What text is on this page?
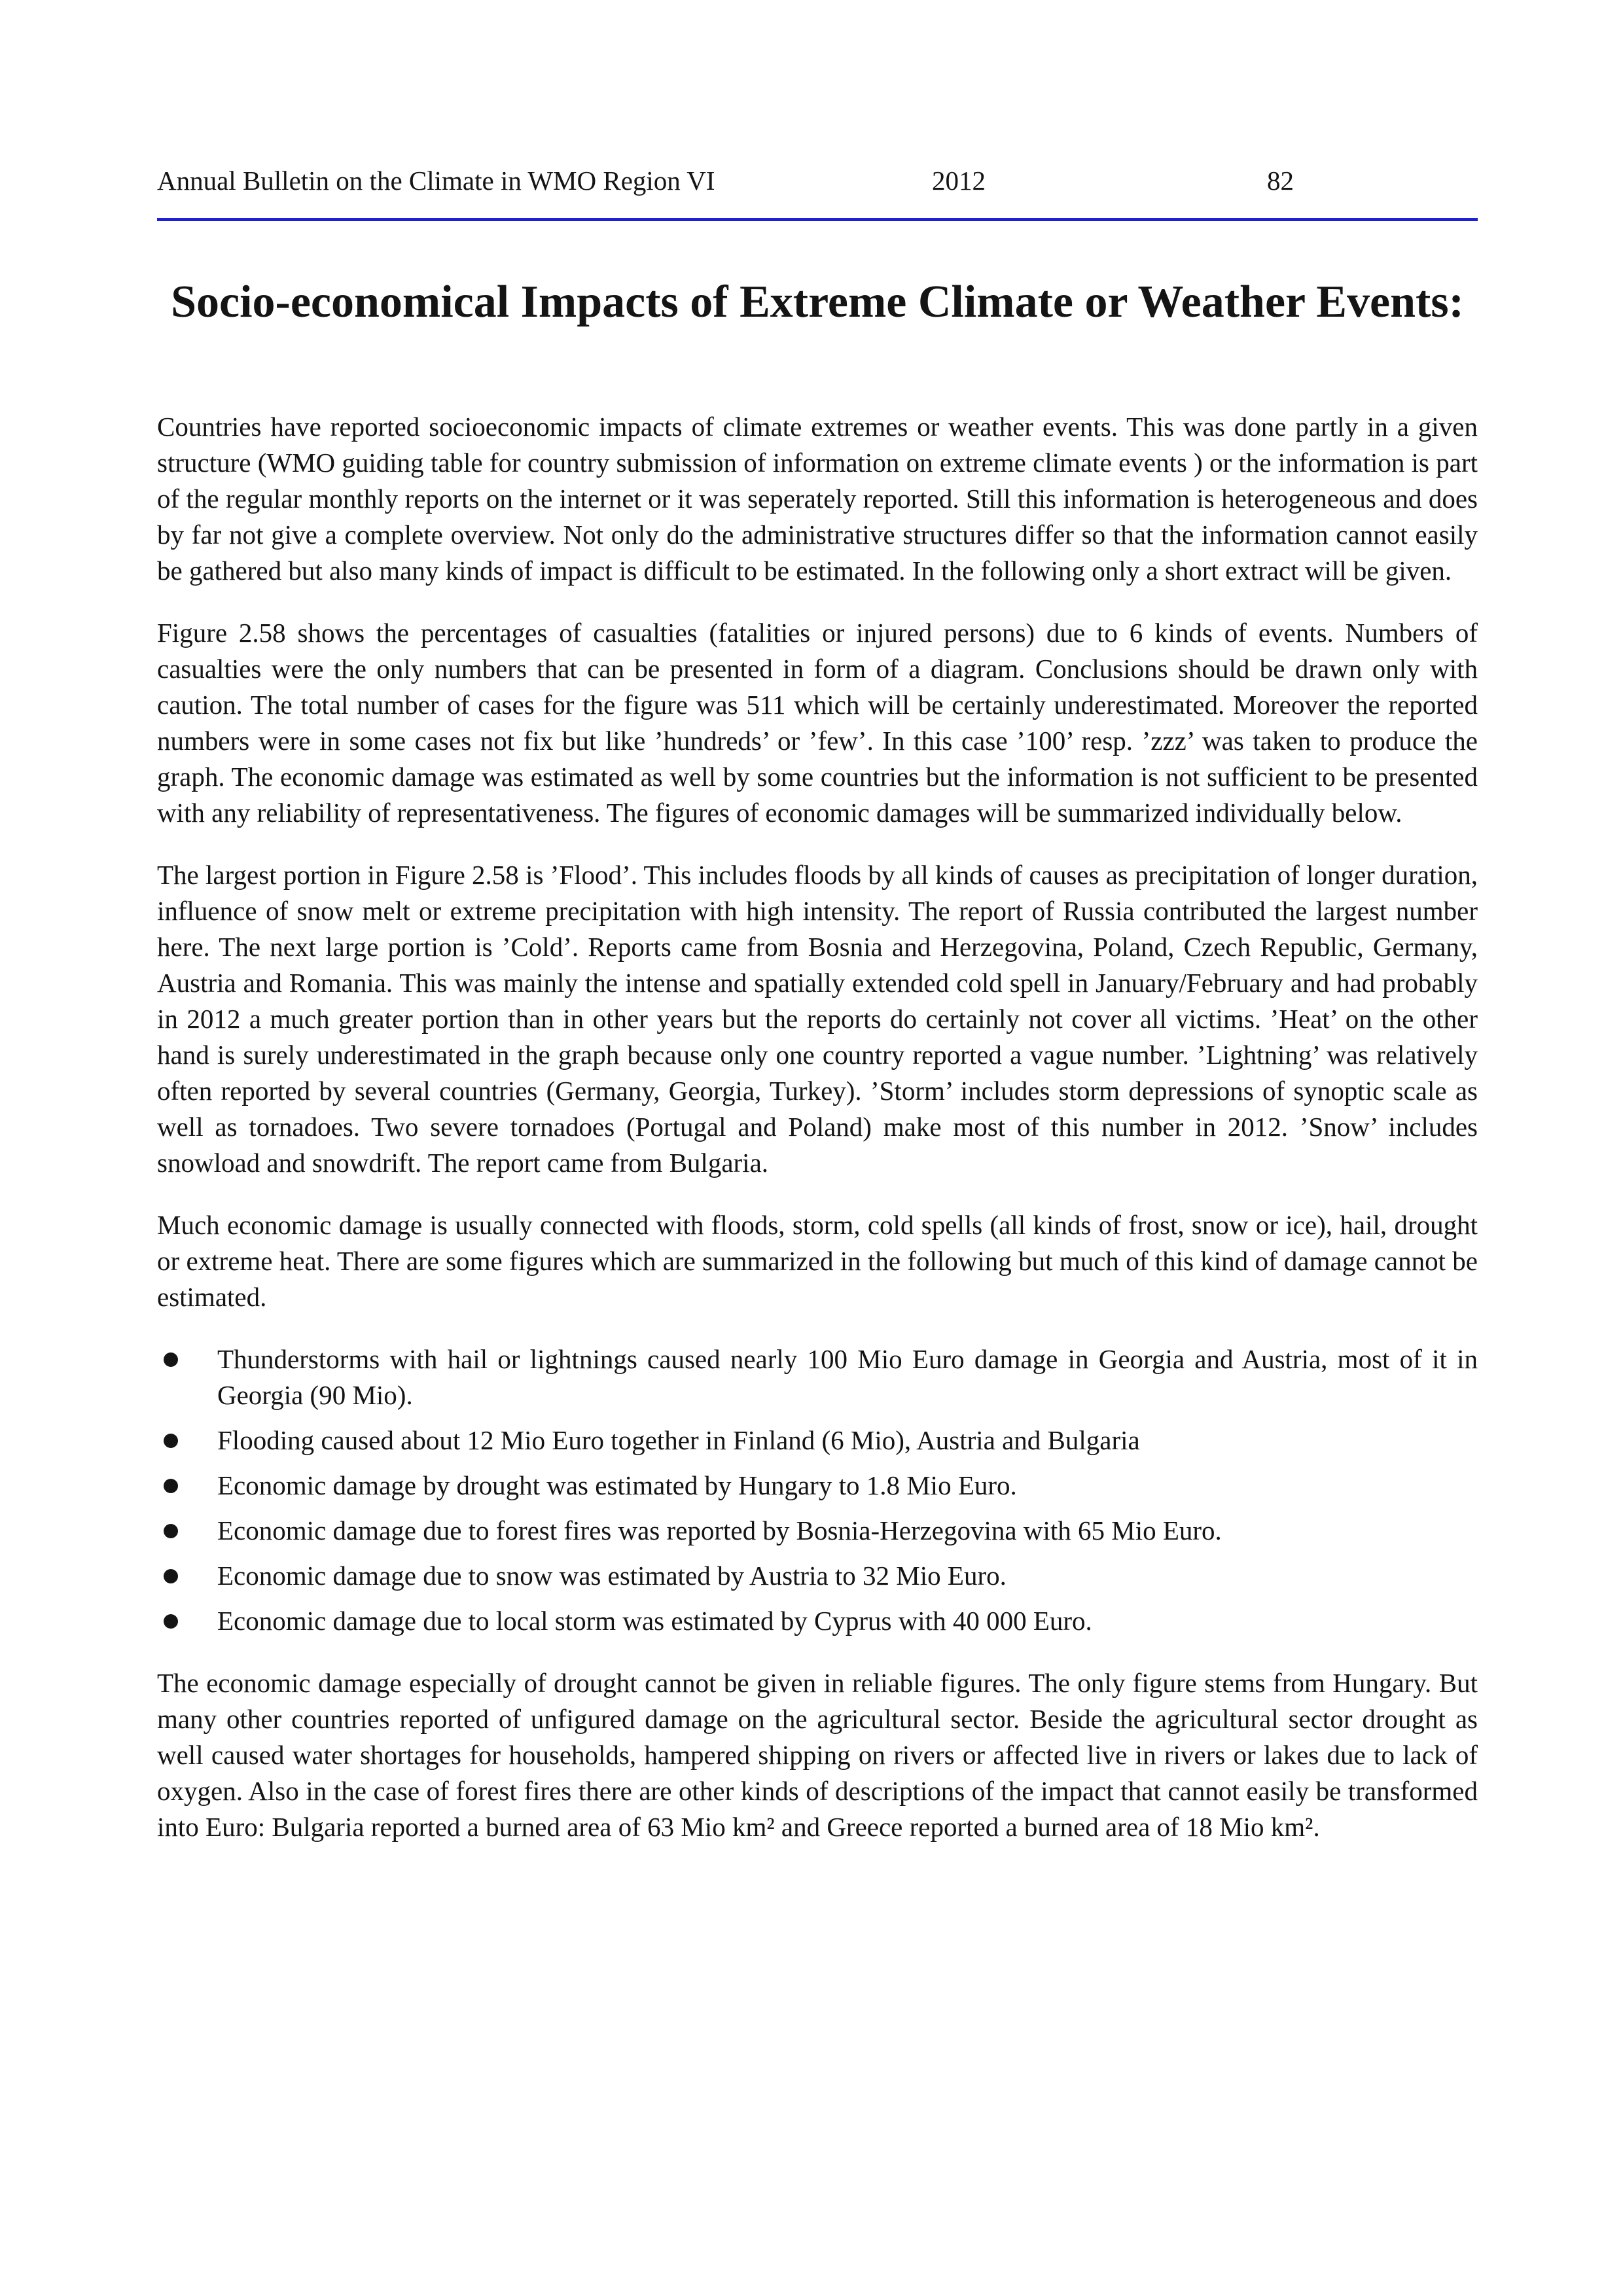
Annual Bulletin on the Climate in WMO Region VI	2012	82
Socio-economical Impacts of Extreme Climate or Weather Events:

Countries have reported socioeconomic impacts of climate extremes or weather events. This was done partly in a given structure (WMO guiding table for country submission of information on extreme climate events ) or the information is part of the regular monthly reports on the internet or it was seperately reported. Still this information is heterogeneous and does by far not give a complete overview. Not only do the administrative structures differ so that the information cannot easily be gathered but also many kinds of impact is difficult to be estimated. In the following only a short extract will be given.

Figure 2.58 shows the percentages of casualties (fatalities or injured persons) due to 6 kinds of events. Numbers of casualties were the only numbers that can be presented in form of a diagram. Conclusions should be drawn only with caution. The total number of cases for the figure was 511 which will be certainly underestimated. Moreover the reported numbers were in some cases not fix but like ’hundreds’ or ’few’. In this case ’100’ resp. ’zzz’ was taken to produce the graph. The economic damage was estimated as well by some countries but the information is not sufficient to be presented with any reliability of representativeness. The figures of economic damages will be summarized individually below.

The largest portion in Figure 2.58 is ’Flood’. This includes floods by all kinds of causes as precipitation of longer duration, influence of snow melt or extreme precipitation with high intensity. The report of Russia contributed the largest number here. The next large portion is ’Cold’. Reports came from Bosnia and Herzegovina, Poland, Czech Republic, Germany, Austria and Romania. This was mainly the intense and spatially extended cold spell in January/February and had probably in 2012 a much greater portion than in other years but the reports do certainly not cover all victims. ’Heat’ on the other hand is surely underestimated in the graph because only one country reported a vague number. ’Lightning’ was relatively often reported by several countries (Germany, Georgia, Turkey). ’Storm’ includes storm depressions of synoptic scale as well as tornadoes. Two severe tornadoes (Portugal and Poland) make most of this number in 2012. ’Snow’ includes snowload and snowdrift. The report came from Bulgaria.

Much economic damage is usually connected with floods, storm, cold spells (all kinds of frost, snow or ice), hail, drought or extreme heat. There are some figures which are summarized in the following but much of this kind of damage cannot be estimated.

Thunderstorms with hail or lightnings caused nearly 100 Mio Euro damage in Georgia and Austria, most of it in Georgia (90 Mio).
Flooding caused about 12 Mio Euro together in Finland (6 Mio), Austria and Bulgaria
Economic damage by drought was estimated by Hungary to 1.8 Mio Euro.
Economic damage due to forest fires was reported by Bosnia-Herzegovina with 65 Mio Euro.
Economic damage due to snow was estimated by Austria to 32 Mio Euro.
Economic damage due to local storm was estimated by Cyprus with 40 000 Euro.

The economic damage especially of drought cannot be given in reliable figures. The only figure stems from Hungary. But many other countries reported of unfigured damage on the agricultural sector. Beside the agricultural sector drought as well caused water shortages for households, hampered shipping on rivers or affected live in rivers or lakes due to lack of oxygen. Also in the case of forest fires there are other kinds of descriptions of the impact that cannot easily be transformed into Euro: Bulgaria reported a burned area of 63 Mio km² and Greece reported a burned area of 18 Mio km².
